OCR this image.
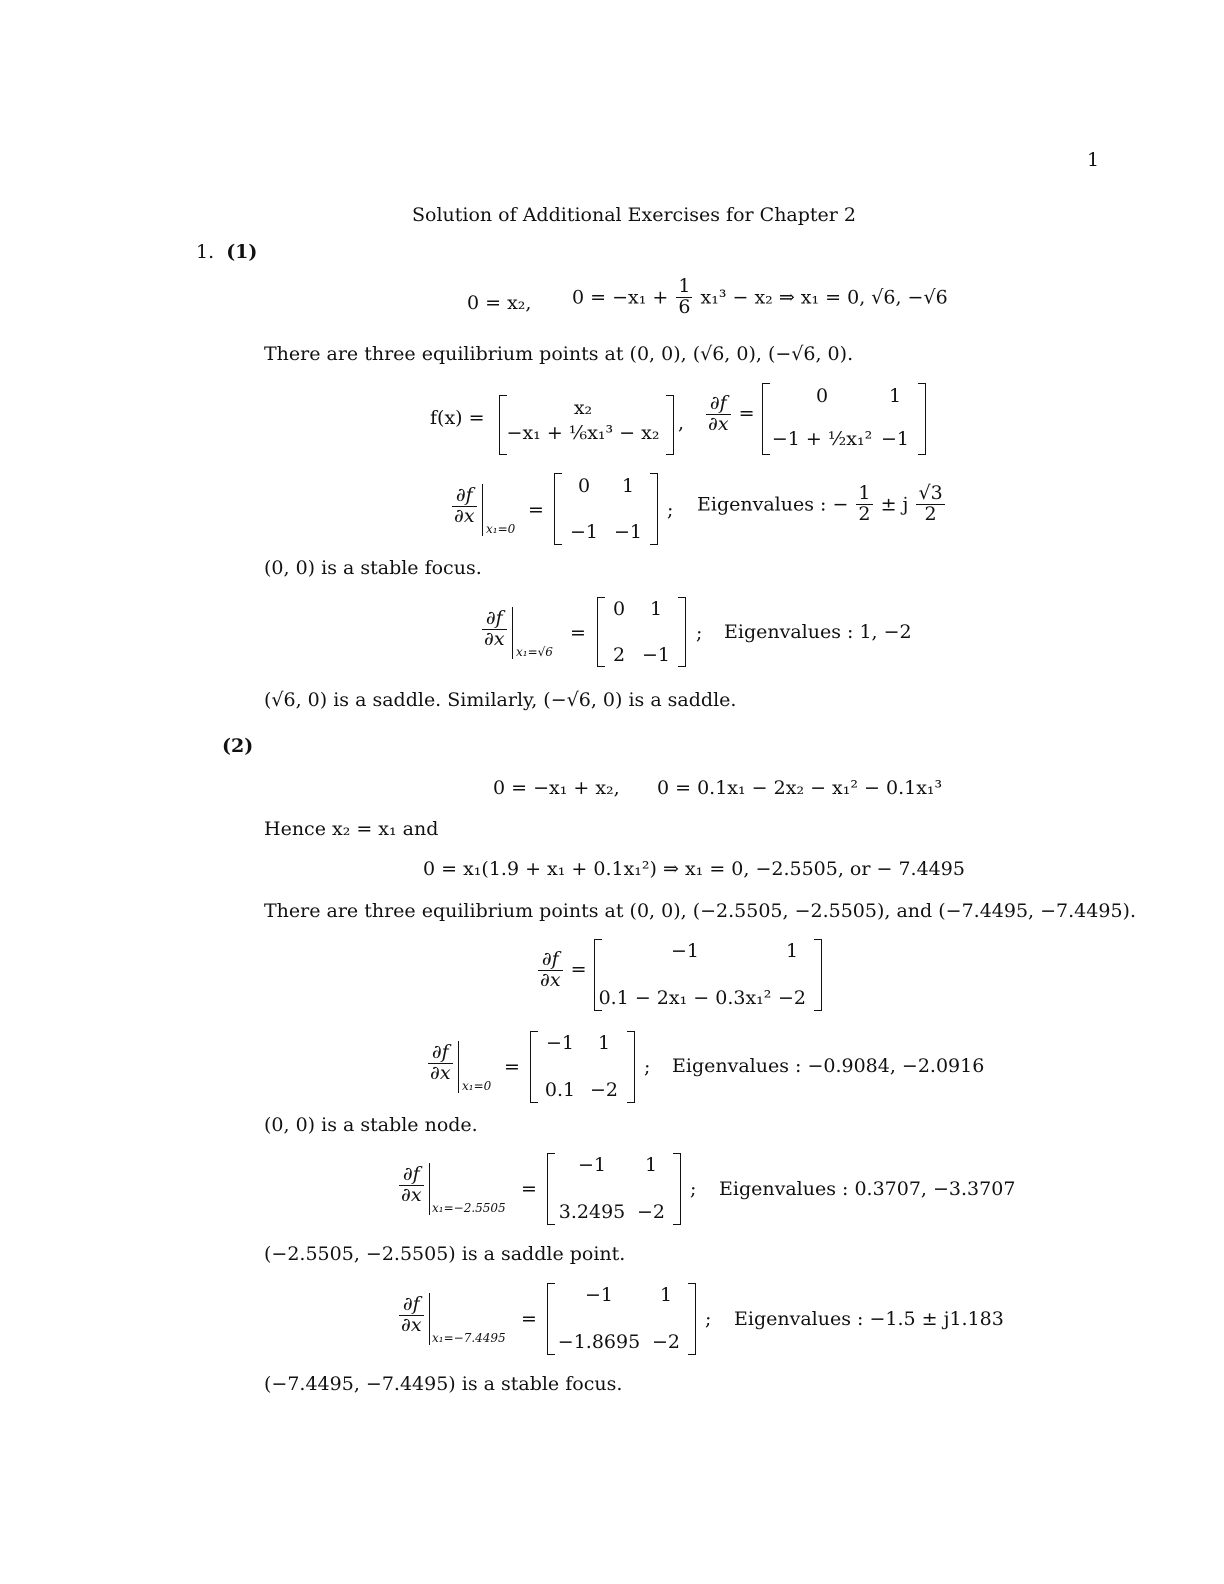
1
Solution of Additional Exercises for Chapter 2
1. (1)
0 = x₂, $0 = -x_1 + \frac{1}{6} x_1^3 - x_2$ ⇒ x₁ = 0, √6, −√6
There are three equilibrium points at (0, 0), (√6, 0), (−√6, 0).
f(x) =	x₂
−x₁ + ⅙x₁³ − x₂ , $\frac{\partial f}{\partial x}$ =
0	1
−1 + ½x₁² −1
$\frac{\partial f}{\partial x}$
x₁=0
=
0 1
−1 −1
; Eigenvalues : − $\frac{1}{2} \pm j \frac{√3}{2}$
(0, 0) is a stable focus.
$\frac{\partial f}{\partial x}$
x₁=√6
=
0 1
2 −1
; Eigenvalues : 1, −2
(√6, 0) is a saddle. Similarly, (−√6, 0) is a saddle.
(2)
0 = −x₁ + x₂, 0 = 0.1x₁ − 2x₂ − x₁² − 0.1x₁³
Hence x₂ = x₁ and
0 = x₁(1.9 + x₁ + 0.1x₁²) ⇒ x₁ = 0, −2.5505, or − 7.4495
There are three equilibrium points at (0, 0), (−2.5505, −2.5505), and (−7.4495, −7.4495).
$\frac{\partial f}{\partial x}$ =
−1	1
0.1 − 2x₁ − 0.3x₁² −2
$\frac{\partial f}{\partial x}$
x₁=0
=
−1 1
0.1 −2
; Eigenvalues : −0.9084, −2.0916
(0, 0) is a stable node.
$\frac{\partial f}{\partial x}$
x₁=−2.5505
=
−1 1
3.2495 −2
; Eigenvalues : 0.3707, −3.3707
(−2.5505, −2.5505) is a saddle point.
$\frac{\partial f}{\partial x}$
x₁=−7.4495
=
−1 1
−1.8695 −2
; Eigenvalues : −1.5 ± j1.183
(−7.4495, −7.4495) is a stable focus.
